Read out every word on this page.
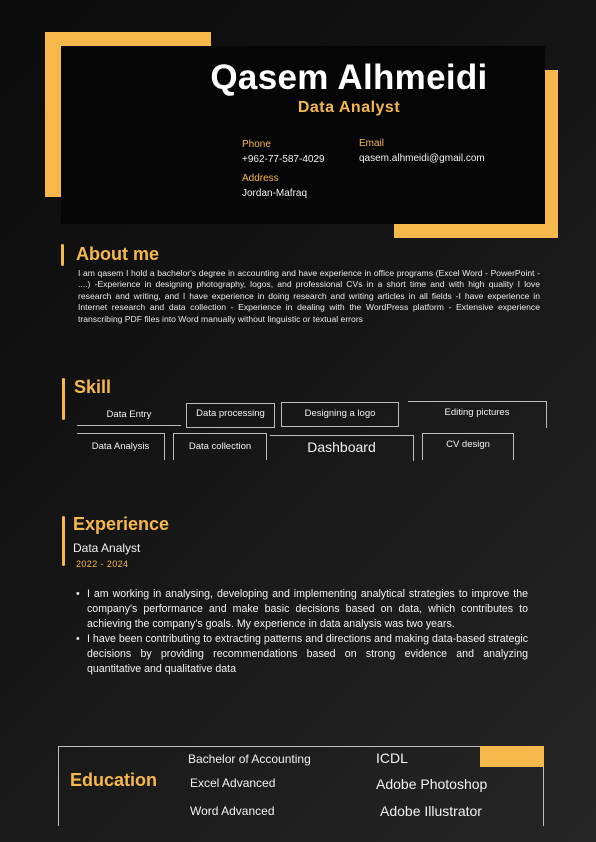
Qasem Alhmeidi
Data Analyst
Phone
+962-77-587-4029
Email
qasem.alhmeidi@gmail.com
Address
Jordan-Mafraq
About me
I am qasem I hold a bachelor's degree in accounting and have experience in office programs (Excel Word - PowerPoint - ....) -Experience in designing photography, logos, and professional CVs in a short time and with high quality I love research and writing, and I have experience in doing research and writing articles in all fields -I have experience in Internet research and data collection - Experience in dealing with the WordPress platform - Extensive experience transcribing PDF files into Word manually without linguistic or textual errors
Skill
Data Entry	Data processing	Designing a logo	Editing pictures
Data Analysis	Data collection	Dashboard	CV design
Experience
Data Analyst
2022 - 2024
• I am working in analysing, developing and implementing analytical strategies to improve the company's performance and make basic decisions based on data, which contributes to achieving the company's goals. My experience in data analysis was two years.
• I have been contributing to extracting patterns and directions and making data-based strategic decisions by providing recommendations based on strong evidence and analyzing quantitative and qualitative data
Education
Bachelor of Accounting
Excel Advanced
Word Advanced
ICDL
Adobe Photoshop
Adobe Illustrator
